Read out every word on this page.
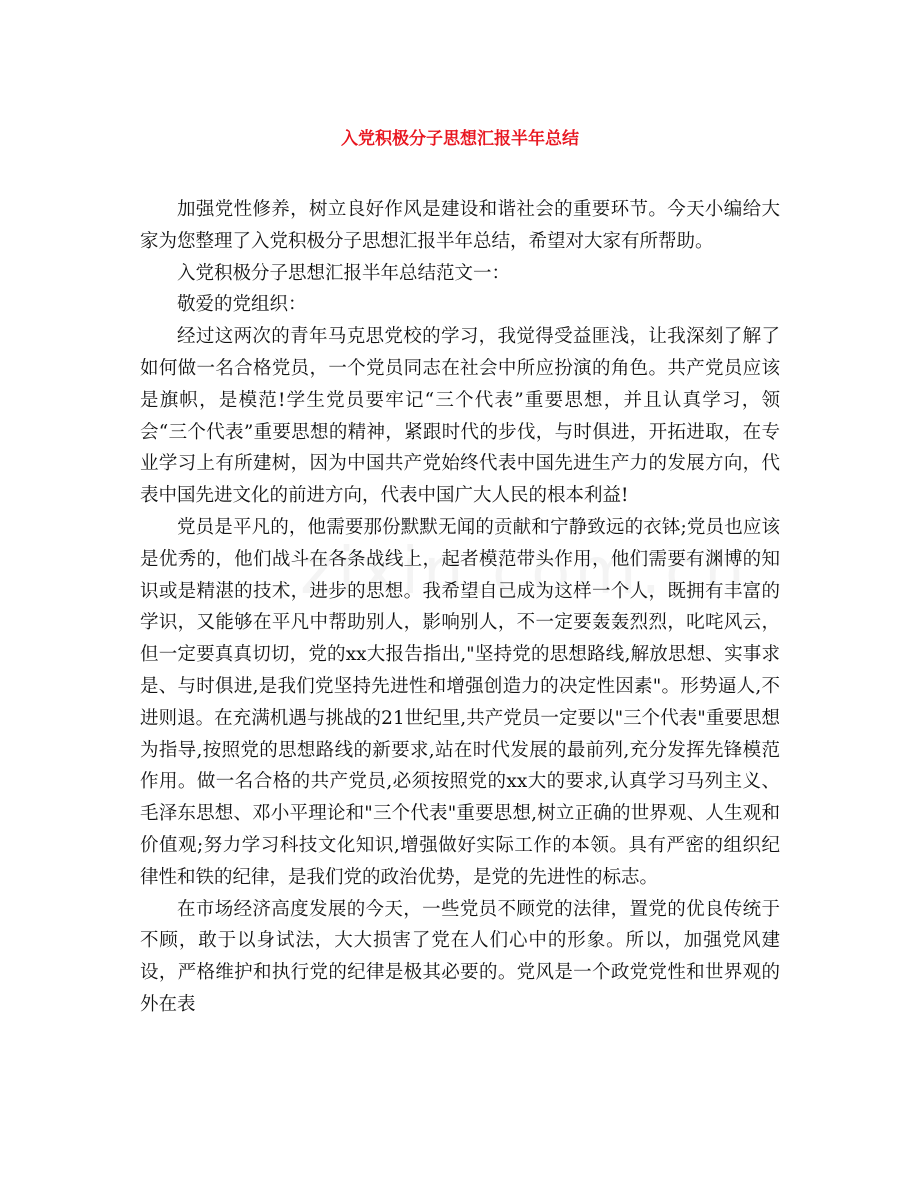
入党积极分子思想汇报半年总结

加强党性修养，树立良好作风是建设和谐社会的重要环节。今天小编给大家为您整理了入党积极分子思想汇报半年总结，希望对大家有所帮助。

入党积极分子思想汇报半年总结范文一：

敬爱的党组织：

经过这两次的青年马克思党校的学习，我觉得受益匪浅，让我深刻了解了如何做一名合格党员，一个党员同志在社会中所应扮演的角色。共产党员应该是旗帜，是模范!学生党员要牢记“三个代表”重要思想，并且认真学习，领会“三个代表”重要思想的精神，紧跟时代的步伐，与时俱进，开拓进取，在专业学习上有所建树，因为中国共产党始终代表中国先进生产力的发展方向，代表中国先进文化的前进方向，代表中国广大人民的根本利益!

党员是平凡的，他需要那份默默无闻的贡献和宁静致远的衣钵;党员也应该是优秀的，他们战斗在各条战线上，起者模范带头作用，他们需要有渊博的知识或是精湛的技术，进步的思想。我希望自己成为这样一个人，既拥有丰富的学识，又能够在平凡中帮助别人，影响别人，不一定要轰轰烈烈，叱咤风云，但一定要真真切切，党的xx大报告指出,"坚持党的思想路线,解放思想、实事求是、与时俱进,是我们党坚持先进性和增强创造力的决定性因素"。形势逼人,不进则退。在充满机遇与挑战的21世纪里,共产党员一定要以"三个代表"重要思想为指导,按照党的思想路线的新要求,站在时代发展的最前列,充分发挥先锋模范作用。做一名合格的共产党员,必须按照党的xx大的要求,认真学习马列主义、毛泽东思想、邓小平理论和"三个代表"重要思想,树立正确的世界观、人生观和价值观;努力学习科技文化知识,增强做好实际工作的本领。具有严密的组织纪律性和铁的纪律，是我们党的政治优势，是党的先进性的标志。

在市场经济高度发展的今天，一些党员不顾党的法律，置党的优良传统于不顾，敢于以身试法，大大损害了党在人们心中的形象。所以，加强党风建设，严格维护和执行党的纪律是极其必要的。党风是一个政党党性和世界观的外在表
